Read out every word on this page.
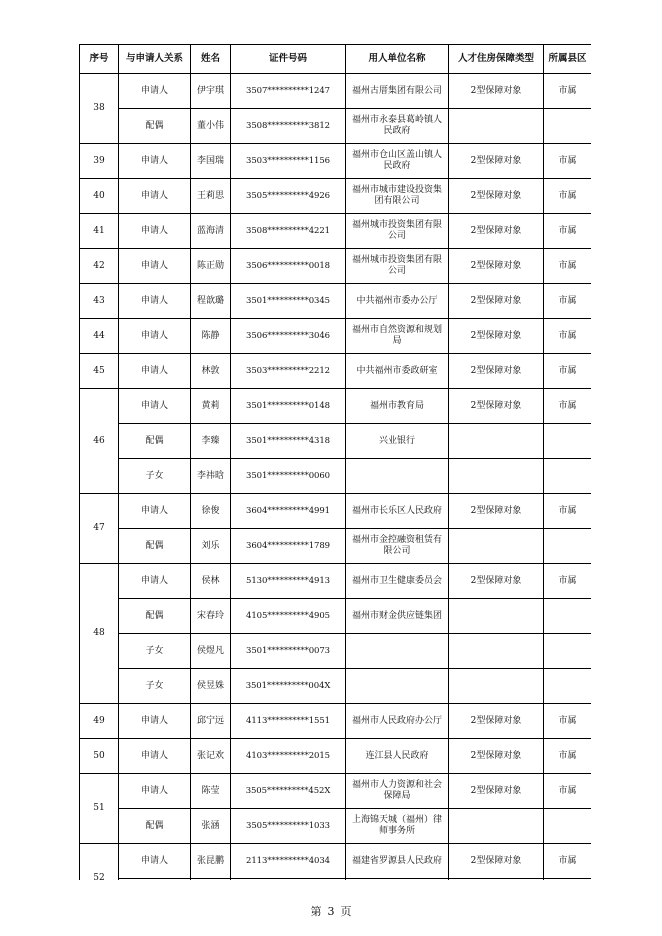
序号	与申请人关系	姓名	证件号码	用人单位名称	人才住房保障类型	所属县区
38	申请人	伊宇琪	3507**********1247	福州古厝集团有限公司	2型保障对象	市属
	配偶	董小伟	3508**********3812	福州市永泰县葛岭镇人民政府		
39	申请人	李国瑞	3503**********1156	福州市仓山区盖山镇人民政府	2型保障对象	市属
40	申请人	王莉思	3505**********4926	福州市城市建设投资集团有限公司	2型保障对象	市属
41	申请人	蓝海清	3508**********4221	福州城市投资集团有限公司	2型保障对象	市属
42	申请人	陈正勋	3506**********0018	福州城市投资集团有限公司	2型保障对象	市属
43	申请人	程歆璐	3501**********0345	中共福州市委办公厅	2型保障对象	市属
44	申请人	陈静	3506**********3046	福州市自然资源和规划局	2型保障对象	市属
45	申请人	林敦	3503**********2212	中共福州市委政研室	2型保障对象	市属
46	申请人	黄莉	3501**********0148	福州市教育局	2型保障对象	市属
	配偶	李臻	3501**********4318	兴业银行		
	子女	李祎晗	3501**********0060			
47	申请人	徐俊	3604**********4991	福州市长乐区人民政府	2型保障对象	市属
	配偶	刘乐	3604**********1789	福州市金控融资租赁有限公司		
48	申请人	侯林	5130**********4913	福州市卫生健康委员会	2型保障对象	市属
	配偶	宋春玲	4105**********4905	福州市财金供应链集团		
	子女	侯煜凡	3501**********0073			
	子女	侯昱姝	3501**********004X			
49	申请人	邱宁远	4113**********1551	福州市人民政府办公厅	2型保障对象	市属
50	申请人	张记欢	4103**********2015	连江县人民政府	2型保障对象	市属
51	申请人	陈莹	3505**********452X	福州市人力资源和社会保障局	2型保障对象	市属
	配偶	张涵	3505**********1033	上海锦天城（福州）律师事务所		
52	申请人	张昆鹏	2113**********4034	福建省罗源县人民政府	2型保障对象	市属

第 3 页
